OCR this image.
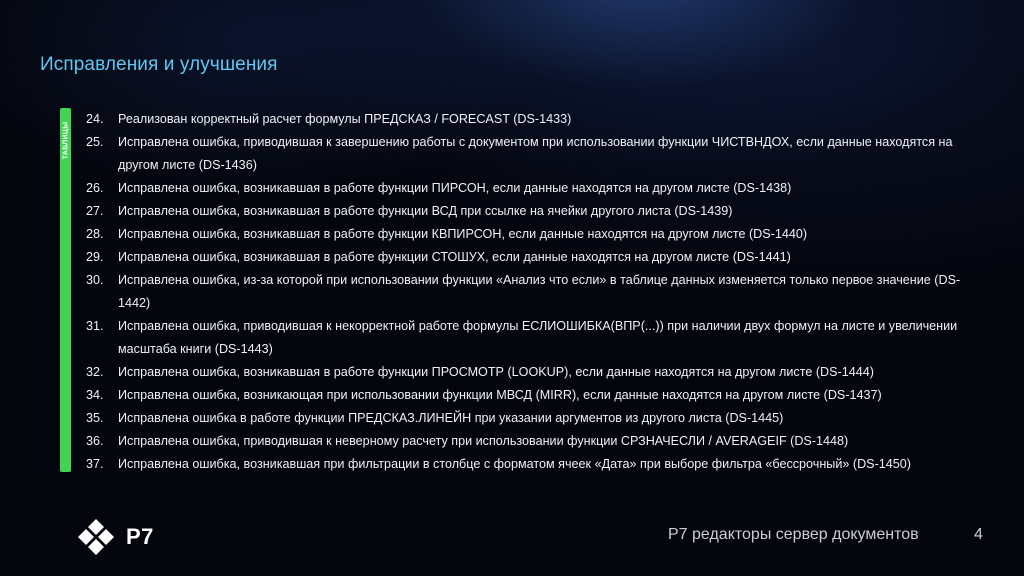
Исправления и улучшения
ТАБЛИЦЫ
24.	Реализован корректный расчет формулы ПРЕДСКАЗ / FORECAST (DS-1433)
25.	Исправлена ошибка, приводившая к завершению работы с документом при использовании функции ЧИСТВНДОХ, если данные находятся на другом листе (DS-1436)
26.	Исправлена ошибка, возникавшая в работе функции ПИРСОН, если данные находятся на другом листе (DS-1438)
27.	Исправлена ошибка, возникавшая в работе функции ВСД при ссылке на ячейки другого листа (DS-1439)
28.	Исправлена ошибка, возникавшая в работе функции КВПИРСОН, если данные находятся на другом листе (DS-1440)
29.	Исправлена ошибка, возникавшая в работе функции СТОШУХ, если данные находятся на другом листе (DS-1441)
30.	Исправлена ошибка, из-за которой при использовании функции «Анализ что если» в таблице данных изменяется только первое значение (DS-1442)
31.	Исправлена ошибка, приводившая к некорректной работе формулы ЕСЛИОШИБКА(ВПР(...)) при наличии двух формул на листе и увеличении масштаба книги (DS-1443)
32.	Исправлена ошибка, возникавшая в работе функции ПРОСМОТР (LOOKUP), если данные находятся на другом листе (DS-1444)
34.	Исправлена ошибка, возникающая при использовании функции МВСД (MIRR), если данные находятся на другом листе (DS-1437)
35.	Исправлена ошибка в работе функции ПРЕДСКАЗ.ЛИНЕЙН при указании аргументов из другого листа (DS-1445)
36.	Исправлена ошибка, приводившая к неверному расчету при использовании функции СРЗНАЧЕСЛИ / AVERAGEIF (DS-1448)
37.	Исправлена ошибка, возникавшая при фильтрации в столбце с форматом ячеек «Дата» при выборе фильтра «бессрочный» (DS-1450)
P7	Р7 редакторы сервер документов	4
